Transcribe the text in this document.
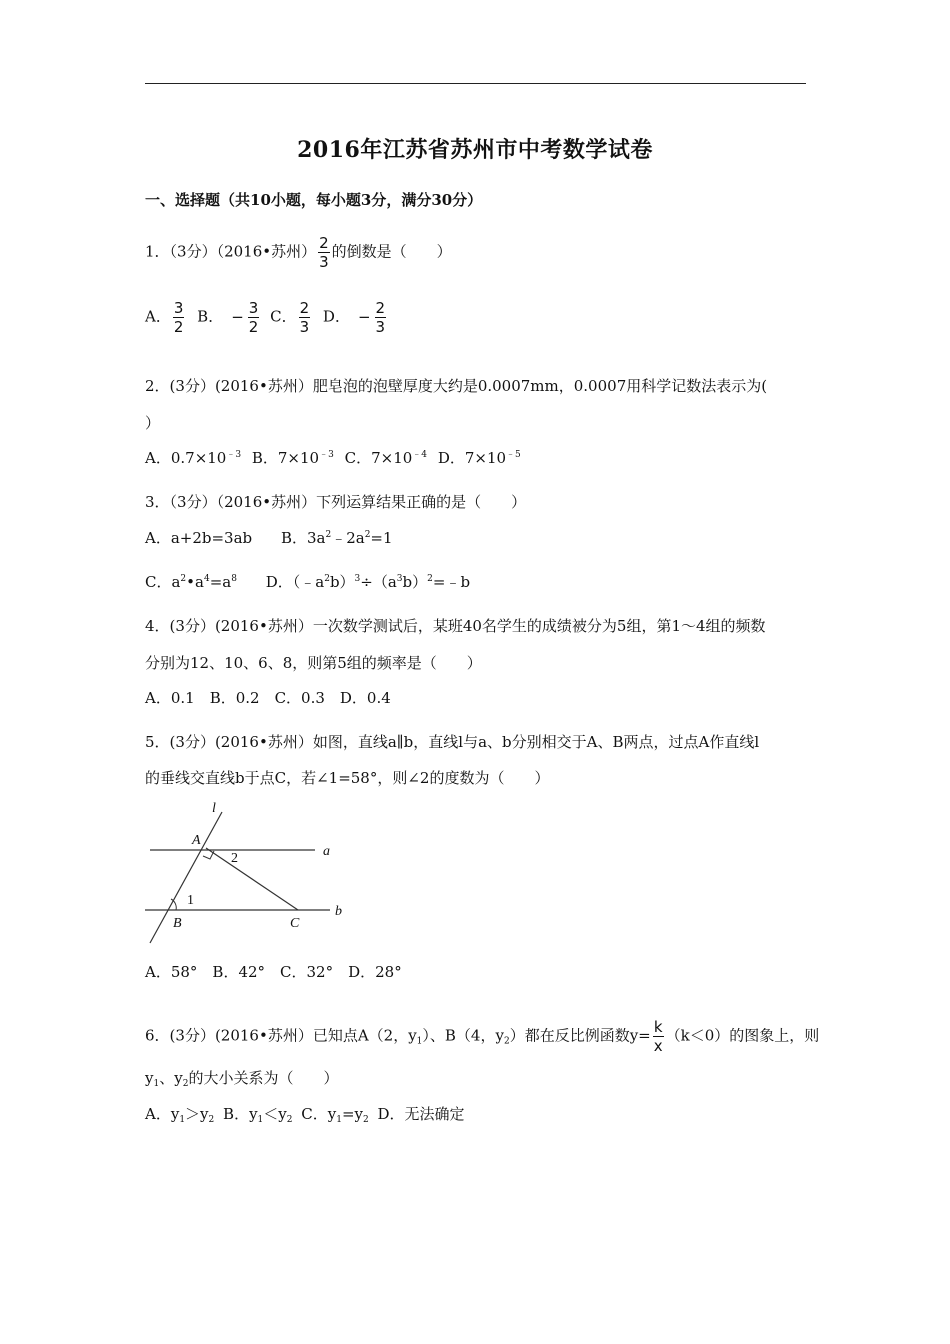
2016年江苏省苏州市中考数学试卷
一、选择题（共10小题，每小题3分，满分30分）
1．（3分）（2016•苏州） $\frac{2}{3}$ 的倒数是（　　）
A． $\frac{3}{2}$ B． − $\frac{3}{2}$ C． $\frac{2}{3}$ D． − $\frac{2}{3}$
2．(3分）(2016•苏州）肥皂泡的泡壁厚度大约是0.0007mm，0.0007用科学记数法表示为(
）
A．$0.7\times 10^{﹣3}$ B．$7\times 10^{﹣3}$ C．$7\times 10^{﹣4}$ D．$7\times 10^{﹣5}$
3．（3分）（2016•苏州）下列运算结果正确的是（　　）
A．a+2b=3ab B．$3a^2﹣2a^2=1$
C．$a^2•a^4=a^8$ D．$(﹣a^2b)^3\div(a^3b)^2=﹣b$
4．(3分）(2016•苏州）一次数学测试后，某班40名学生的成绩被分为5组，第1～4组的频数
分别为12、10、6、8，则第5组的频率是（　　）
A．0.1　B．0.2　C．0.3　D．0.4
5．(3分）(2016•苏州）如图，直线a∥b，直线l与a、b分别相交于A、B两点，过点A作直线l
的垂线交直线b于点C，若∠1=58°，则∠2的度数为（　　）
l
A
2	a
1
B	C
b
A．58°　B．42°　C．32°　D．28°
6．(3分）(2016•苏州）已知点A（2，$y_1$）、B（4，$y_2$）都在反比例函数$y= \frac{k}{x} (k<0)$的图象上，则
$y_1$、$y_2$的大小关系为（　　）
A．$y_1>y_2$ B．$y_1<y_2$ C．$y_1=y_2$ D．无法确定
